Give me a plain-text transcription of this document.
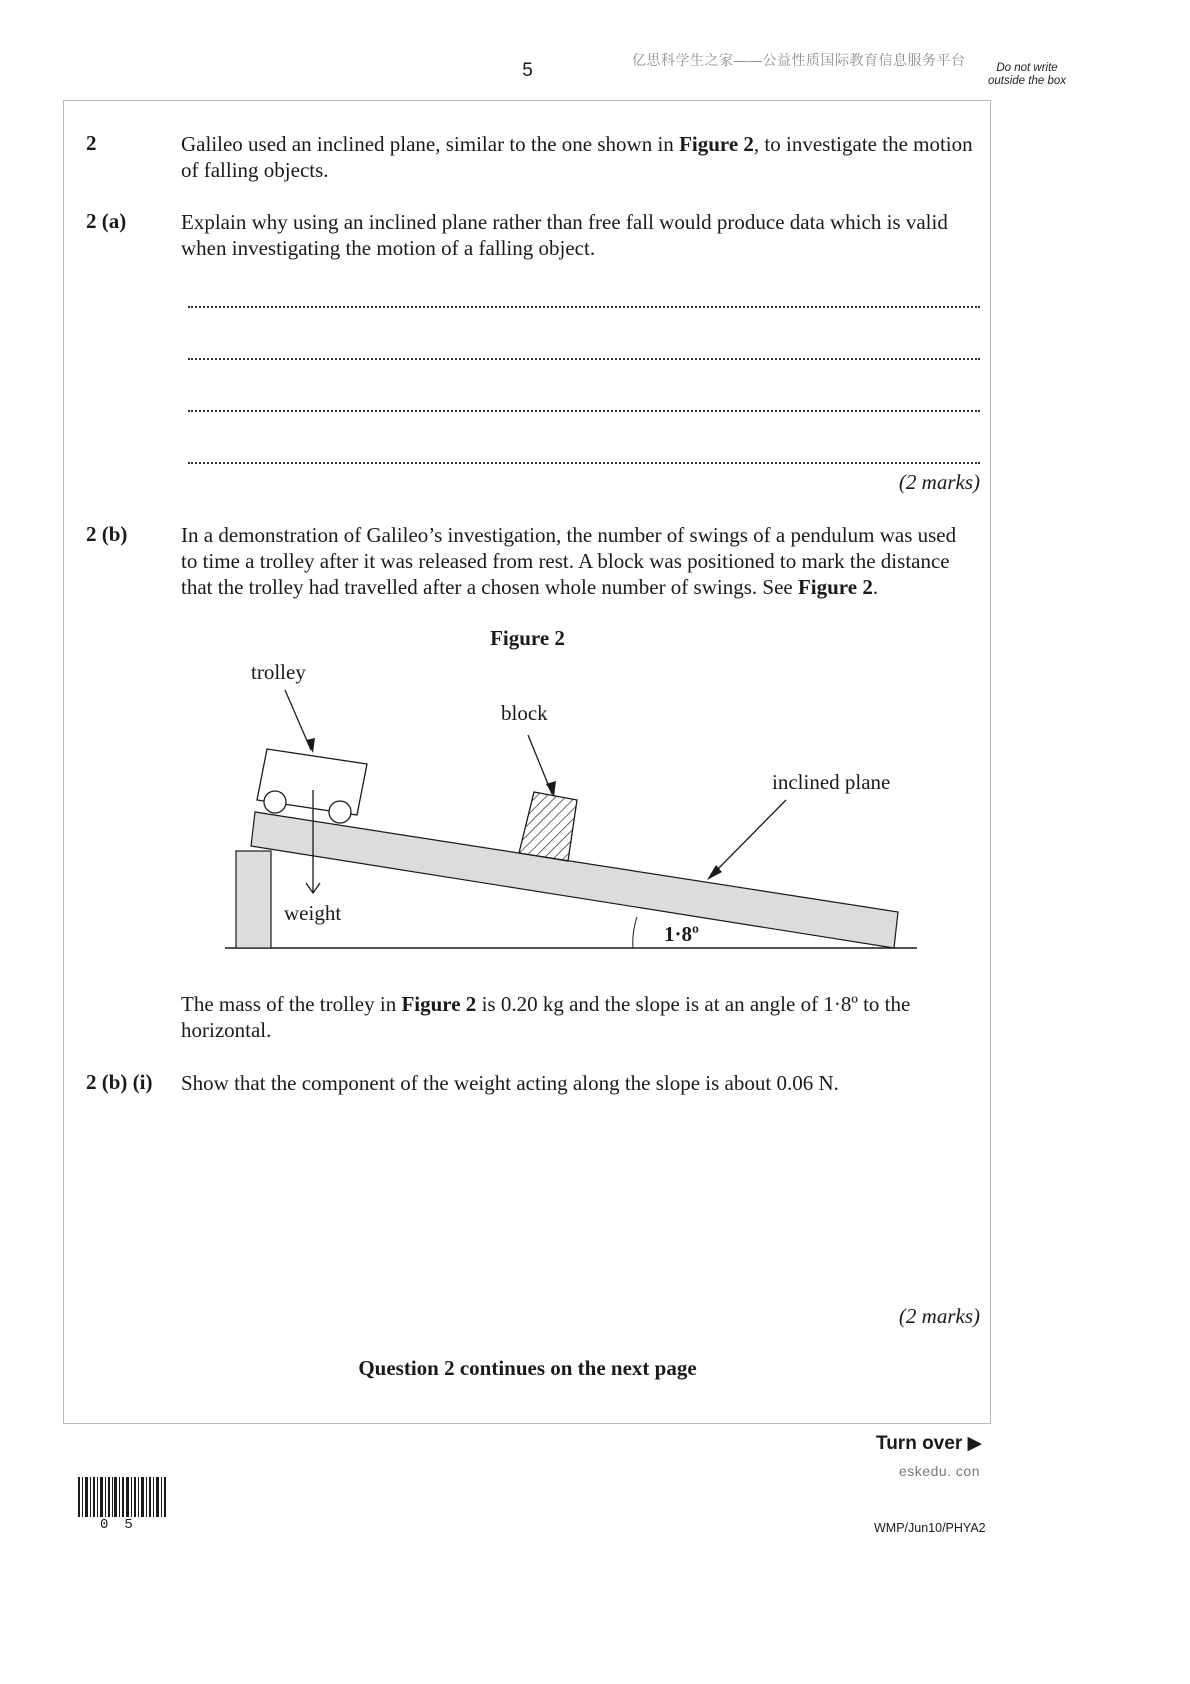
5	亿思科学生之家——公益性质国际教育信息服务平台	Do not write outside the box
2	Galileo used an inclined plane, similar to the one shown in Figure 2, to investigate the motion of falling objects.
2 (a)	Explain why using an inclined plane rather than free fall would produce data which is valid when investigating the motion of a falling object.
(2 marks)
2 (b)	In a demonstration of Galileo’s investigation, the number of swings of a pendulum was used to time a trolley after it was released from rest. A block was positioned to mark the distance that the trolley had travelled after a chosen whole number of swings. See Figure 2.
Figure 2
trolley
block
inclined plane
weight
1·8º
The mass of the trolley in Figure 2 is 0.20 kg and the slope is at an angle of 1·8º to the horizontal.
2 (b) (i) Show that the component of the weight acting along the slope is about 0.06 N.
(2 marks)
Question 2 continues on the next page
Turn over ▶
eskedu. con
05	WMP/Jun10/PHYA2
